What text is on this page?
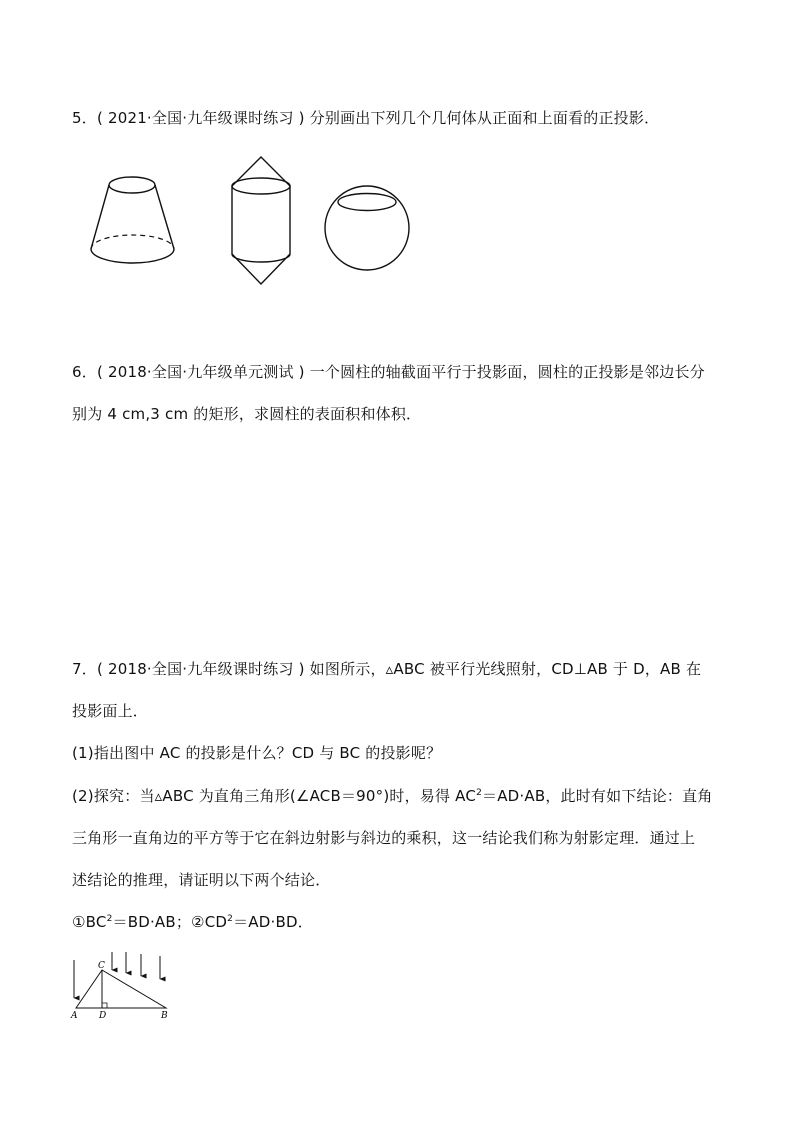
5．( 2021·全国·九年级课时练习 ) 分别画出下列几个几何体从正面和上面看的正投影．
6．( 2018·全国·九年级单元测试 ) 一个圆柱的轴截面平行于投影面，圆柱的正投影是邻边长分
别为 4 cm,3 cm 的矩形，求圆柱的表面积和体积．
7．( 2018·全国·九年级课时练习 ) 如图所示，▵ABC 被平行光线照射，CD⊥AB 于 D，AB 在
投影面上．
(1)指出图中 AC 的投影是什么？CD 与 BC 的投影呢？
(2)探究：当▵ABC 为直角三角形(∠ACB＝90°)时，易得 $AC^2=AD\cdot AB$，此时有如下结论：直角
三角形一直角边的平方等于它在斜边射影与斜边的乘积，这一结论我们称为射影定理．通过上
述结论的推理，请证明以下两个结论．
$①BC^2=BD\cdot AB$；$②CD^2=AD\cdot BD$．
C
A D	B
